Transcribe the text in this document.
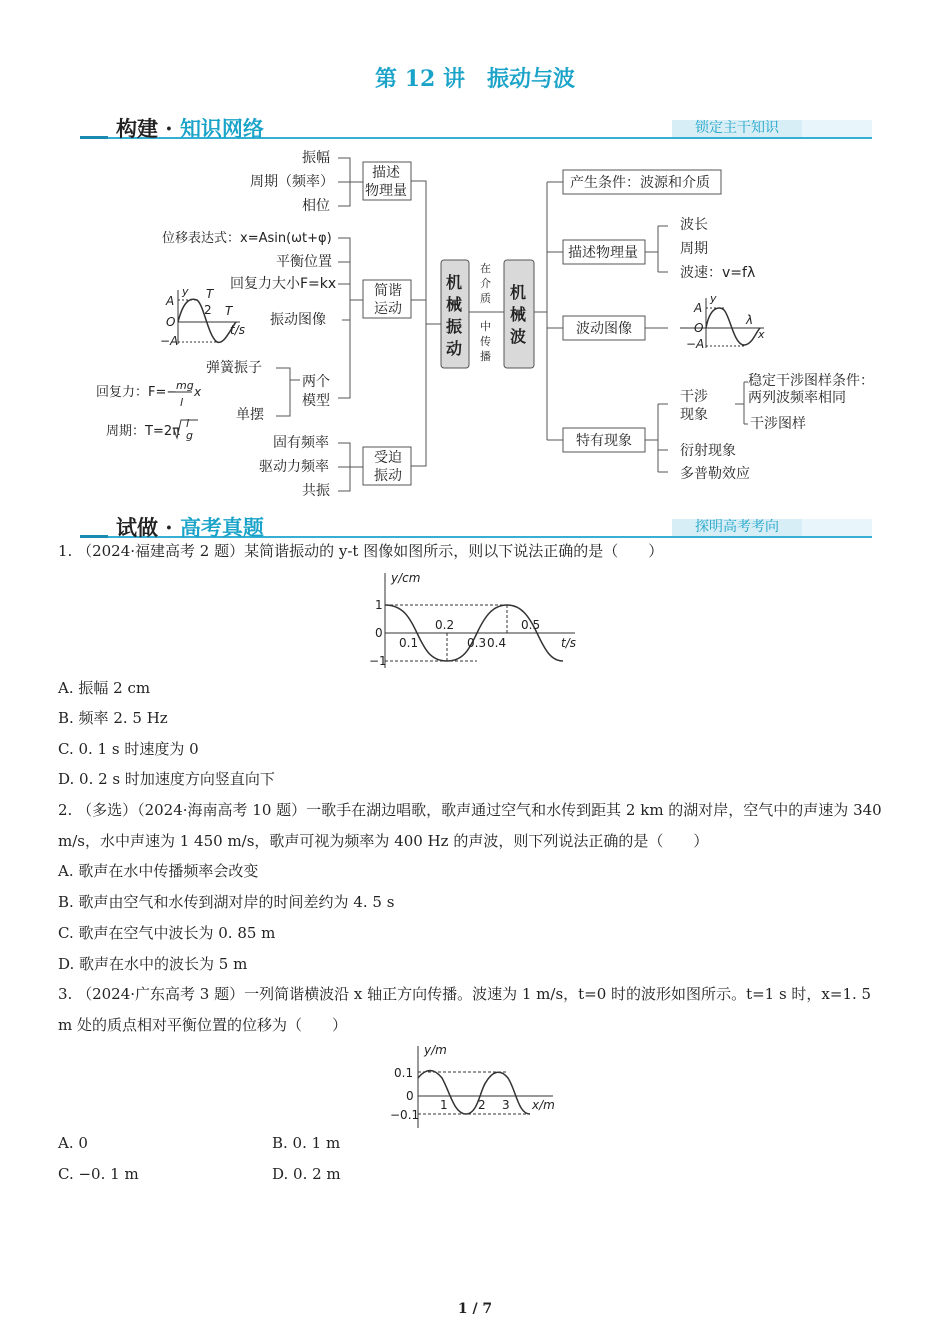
第 12 讲　振动与波
构建 · 知识网络	锁定主干知识
振幅
周期（频率）
相位
描述
物理量
位移表达式：x=Asin(ωt+φ)
平衡位置
回复力大小F=kx
振动图像
简谐
运动
A
O
−A
y T
2 T
t/s
弹簧振子
单摆
两个
模型
回复力：F=−
mg
l
x
周期：T=2π
l
g	固有频率
驱动力频率
共振
受迫
振动
机
械
振
动
机
械
波
在
介
质
中
传
播
产生条件：波源和介质
描述物理量
波长
周期
波速：v=fλ
波动图像
A
O
−A
y
λ
x
特有现象
干涉
现象
稳定干涉图样条件：
两列波频率相同
干涉图样
衍射现象
多普勒效应
试做 · 高考真题	探明高考考向
1. （2024·福建高考 2 题）某简谐振动的 y-t 图像如图所示，则以下说法正确的是（　　）
y/cm
1
0
−1
0.1
0.2
0.3 0.4
0.5
t/s
A. 振幅 2 cm
B. 频率 2. 5 Hz
C. 0. 1 s 时速度为 0
D. 0. 2 s 时加速度方向竖直向下
2. （多选）（2024·海南高考 10 题）一歌手在湖边唱歌，歌声通过空气和水传到距其 2 km 的湖对岸，空气中的声速为 340 m/s，水中声速为 1 450 m/s，歌声可视为频率为 400 Hz 的声波，则下列说法正确的是（　　）
A. 歌声在水中传播频率会改变
B. 歌声由空气和水传到湖对岸的时间差约为 4. 5 s
C. 歌声在空气中波长为 0. 85 m
D. 歌声在水中的波长为 5 m
3. （2024·广东高考 3 题）一列简谐横波沿 x 轴正方向传播。波速为 1 m/s，t=0 时的波形如图所示。t=1 s 时，x=1. 5 m 处的质点相对平衡位置的位移为（　　）
y/m
0.1
0
−0.1
1	2 3 x/m
A. 0	B. 0. 1 m
C. −0. 1 m	D. 0. 2 m
1 / 7
